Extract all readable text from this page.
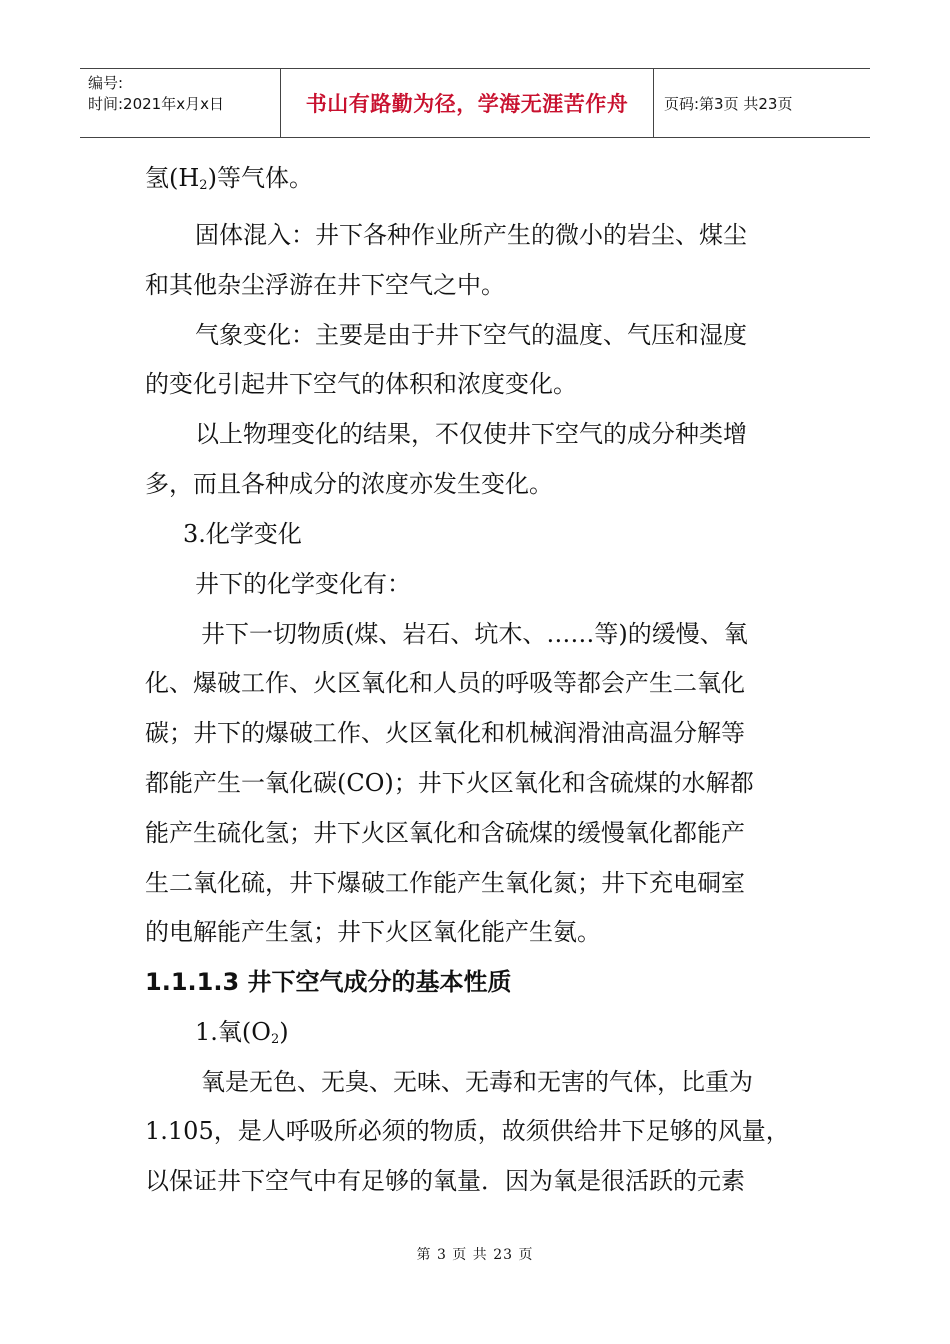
编号:
时间:2021年x月x日	书山有路勤为径，学海无涯苦作舟	页码:第3页 共23页
氢$(H_2)$等气体。
固体混入：井下各种作业所产生的微小的岩尘、煤尘
和其他杂尘浮游在井下空气之中。
气象变化：主要是由于井下空气的温度、气压和湿度
的变化引起井下空气的体积和浓度变化。
以上物理变化的结果，不仅使井下空气的成分种类增
多，而且各种成分的浓度亦发生变化。
3.化学变化
井下的化学变化有：
井下一切物质(煤、岩石、坑木、……等)的缓慢、氧
化、爆破工作、火区氧化和人员的呼吸等都会产生二氧化
碳；井下的爆破工作、火区氧化和机械润滑油高温分解等
都能产生一氧化碳(CO)；井下火区氧化和含硫煤的水解都
能产生硫化氢；井下火区氧化和含硫煤的缓慢氧化都能产
生二氧化硫，井下爆破工作能产生氧化氮；井下充电硐室
的电解能产生氢；井下火区氧化能产生氨。
1.1.1.3 井下空气成分的基本性质
1.氧$(O_2)$
氧是无色、无臭、无味、无毒和无害的气体，比重为
1.105，是人呼吸所必须的物质，故须供给井下足够的风量，
以保证井下空气中有足够的氧量．因为氧是很活跃的元素
第 3 页 共 23 页
